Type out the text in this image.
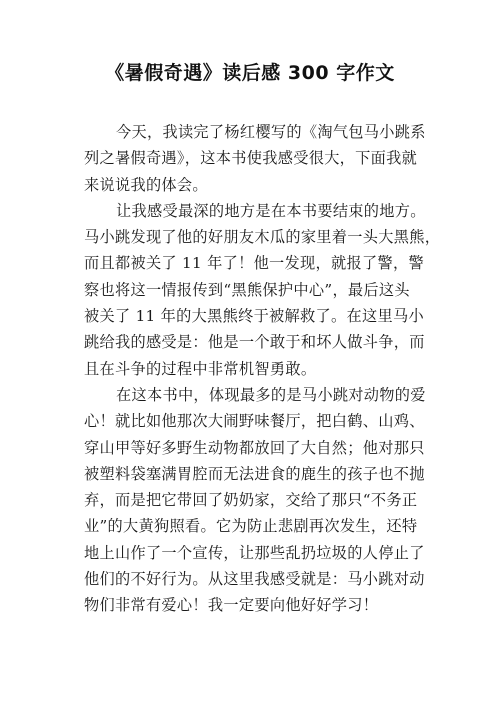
《暑假奇遇》读后感 300 字作文
今天，我读完了杨红樱写的《淘气包马小跳系
列之暑假奇遇》，这本书使我感受很大，下面我就
来说说我的体会。
让我感受最深的地方是在本书要结束的地方。
马小跳发现了他的好朋友木瓜的家里着一头大黑熊，
而且都被关了 11 年了！他一发现，就报了警，警
察也将这一情报传到“黑熊保护中心”，最后这头
被关了 11 年的大黑熊终于被解救了。在这里马小
跳给我的感受是：他是一个敢于和坏人做斗争，而
且在斗争的过程中非常机智勇敢。
在这本书中，体现最多的是马小跳对动物的爱
心！就比如他那次大闹野味餐厅，把白鹤、山鸡、
穿山甲等好多野生动物都放回了大自然；他对那只
被塑料袋塞满胃腔而无法进食的鹿生的孩子也不抛
弃，而是把它带回了奶奶家，交给了那只“不务正
业”的大黄狗照看。它为防止悲剧再次发生，还特
地上山作了一个宣传，让那些乱扔垃圾的人停止了
他们的不好行为。从这里我感受就是：马小跳对动
物们非常有爱心！我一定要向他好好学习！
